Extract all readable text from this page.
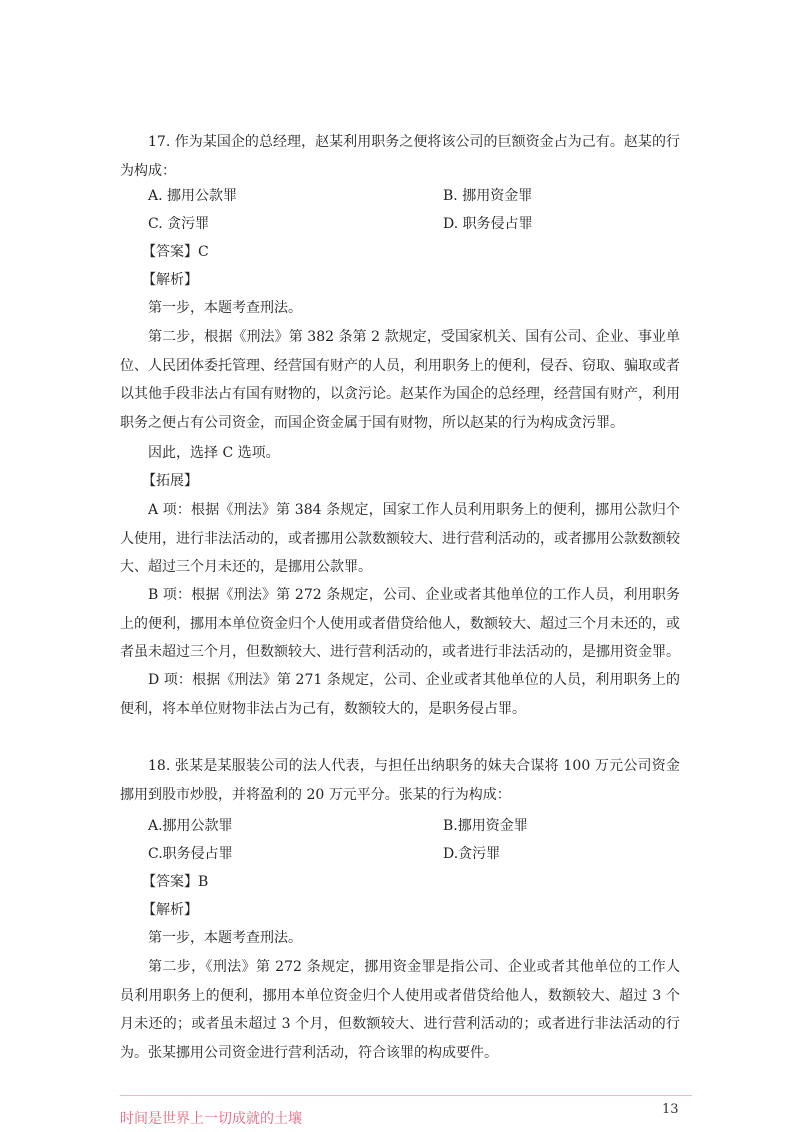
17. 作为某国企的总经理，赵某利用职务之便将该公司的巨额资金占为己有。赵某的行为构成：
A. 挪用公款罪	B. 挪用资金罪
C. 贪污罪	D. 职务侵占罪
【答案】C
【解析】
第一步，本题考查刑法。
第二步，根据《刑法》第 382 条第 2 款规定，受国家机关、国有公司、企业、事业单位、人民团体委托管理、经营国有财产的人员，利用职务上的便利，侵吞、窃取、骗取或者以其他手段非法占有国有财物的，以贪污论。赵某作为国企的总经理，经营国有财产，利用职务之便占有公司资金，而国企资金属于国有财物，所以赵某的行为构成贪污罪。
因此，选择 C 选项。
【拓展】
A 项：根据《刑法》第 384 条规定，国家工作人员利用职务上的便利，挪用公款归个人使用，进行非法活动的，或者挪用公款数额较大、进行营利活动的，或者挪用公款数额较大、超过三个月未还的，是挪用公款罪。
B 项：根据《刑法》第 272 条规定，公司、企业或者其他单位的工作人员，利用职务上的便利，挪用本单位资金归个人使用或者借贷给他人，数额较大、超过三个月未还的，或者虽未超过三个月，但数额较大、进行营利活动的，或者进行非法活动的，是挪用资金罪。
D 项：根据《刑法》第 271 条规定，公司、企业或者其他单位的人员，利用职务上的便利，将本单位财物非法占为己有，数额较大的，是职务侵占罪。
18. 张某是某服装公司的法人代表，与担任出纳职务的妹夫合谋将 100 万元公司资金挪用到股市炒股，并将盈利的 20 万元平分。张某的行为构成：
A.挪用公款罪	B.挪用资金罪
C.职务侵占罪	D.贪污罪
【答案】B
【解析】
第一步，本题考查刑法。
第二步，《刑法》第 272 条规定，挪用资金罪是指公司、企业或者其他单位的工作人员利用职务上的便利，挪用本单位资金归个人使用或者借贷给他人，数额较大、超过 3 个月未还的；或者虽未超过 3 个月，但数额较大、进行营利活动的；或者进行非法活动的行为。张某挪用公司资金进行营利活动，符合该罪的构成要件。
时间是世界上一切成就的土壤
13
